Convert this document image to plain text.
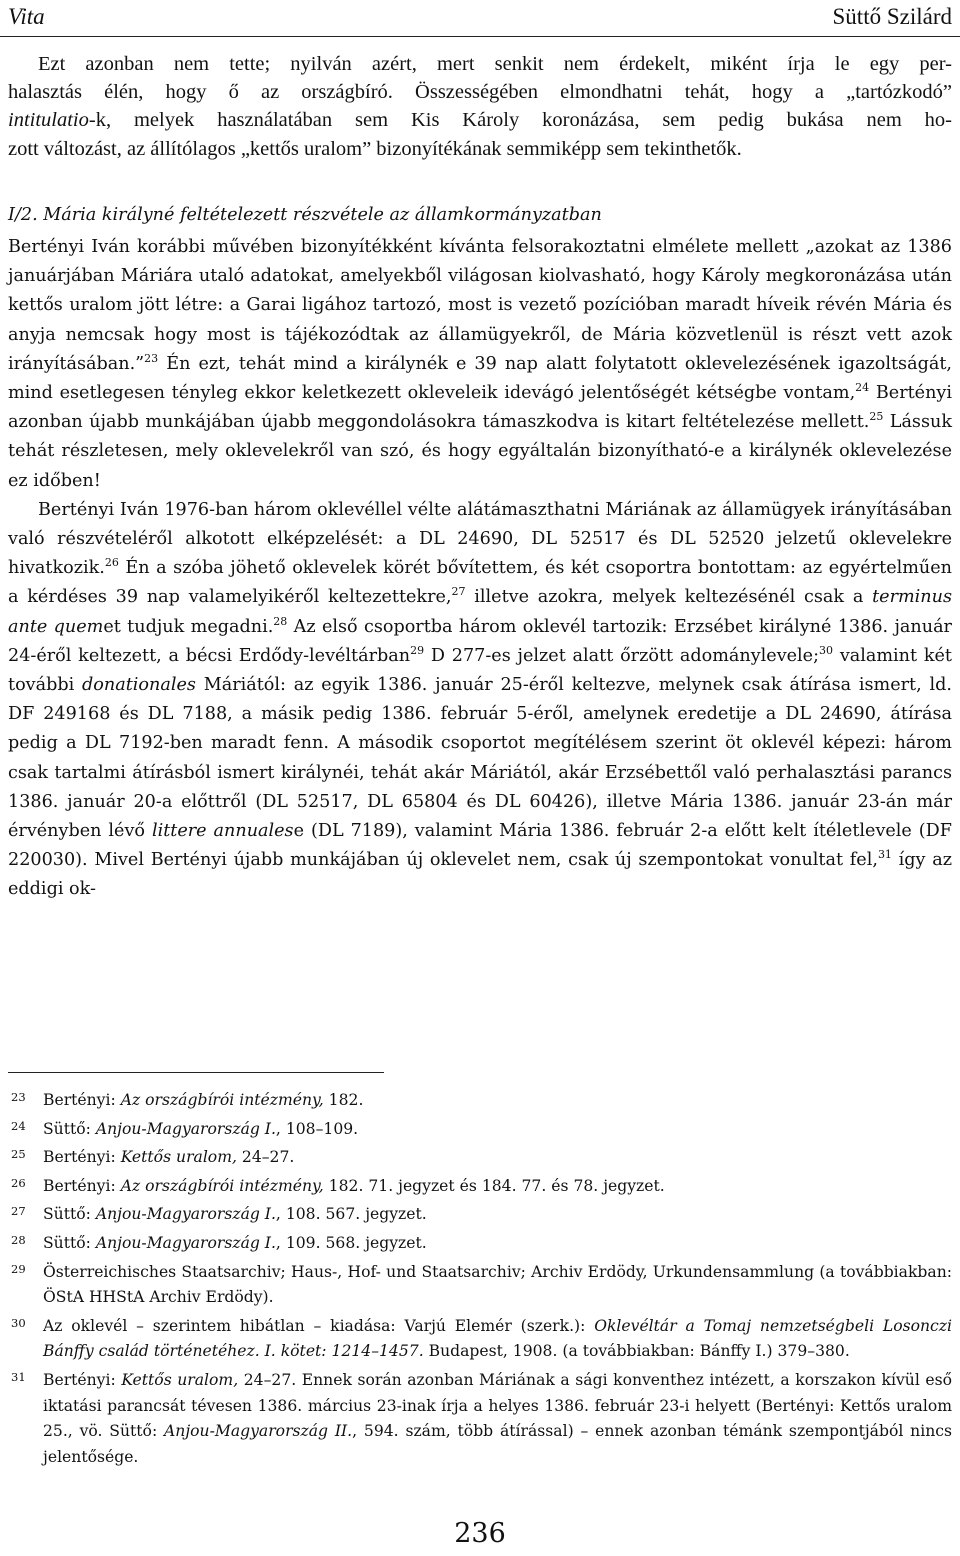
Vita	Süttő Szilárd

Ezt azonban nem tette; nyilván azért, mert senkit nem érdekelt, miként írja le egy per-

halasztás élén, hogy ő az országbíró. Összességében elmondhatni tehát, hogy a „tartózkodó”

intitulatio-k, melyek használatában sem Kis Károly koronázása, sem pedig bukása nem ho-

zott változást, az állítólagos „kettős uralom” bizonyítékának semmiképp sem tekinthetők.

I/2. Mária királyné feltételezett részvétele az államkormányzatban

Bertényi Iván korábbi művében bizonyítékként kívánta felsorakoztatni elmélete mellett „azokat az 1386 januárjában Máriára utaló adatokat, amelyekből világosan kiolvasható, hogy Károly megkoronázása után kettős uralom jött létre: a Garai ligához tartozó, most is vezető pozícióban maradt híveik révén Mária és anyja nemcsak hogy most is tájékozódtak az államügyekről, de Mária közvetlenül is részt vett azok irányításában.”$^{23}$ Én ezt, tehát mind a királynék e 39 nap alatt folytatott oklevelezésének igazoltságát, mind esetlegesen tényleg ekkor keletkezett okleveleik idevágó jelentőségét kétségbe vontam,$^{24}$ Bertényi azonban újabb munkájában újabb meggondolásokra támaszkodva is kitart feltételezése mellett.$^{25}$ Lássuk tehát részletesen, mely oklevelekről van szó, és hogy egyáltalán bizonyítható-e a királynék oklevelezése ez időben!

Bertényi Iván 1976-ban három oklevéllel vélte alátámaszthatni Máriának az államügyek irányításában való részvételéről alkotott elképzelését: a DL 24690, DL 52517 és DL 52520 jelzetű oklevelekre hivatkozik.$^{26}$ Én a szóba jöhető oklevelek körét bővítettem, és két csoportra bontottam: az egyértelműen a kérdéses 39 nap valamelyikéről keltezettekre,$^{27}$ illetve azokra, melyek keltezésénél csak a terminus ante quemet tudjuk megadni.$^{28}$ Az első csoportba három oklevél tartozik: Erzsébet királyné 1386. január 24-éről keltezett, a bécsi Erdődy-levéltárban$^{29}$ D 277-es jelzet alatt őrzött adománylevele;$^{30}$ valamint két további donationales Máriától: az egyik 1386. január 25-éről keltezve, melynek csak átírása ismert, ld. DF 249168 és DL 7188, a másik pedig 1386. február 5-éről, amelynek eredetije a DL 24690, átírása pedig a DL 7192-ben maradt fenn. A második csoportot megítélésem szerint öt oklevél képezi: három csak tartalmi átírásból ismert királynéi, tehát akár Máriától, akár Erzsébettől való perhalasztási parancs 1386. január 20-a előttről (DL 52517, DL 65804 és DL 60426), illetve Mária 1386. január 23-án már érvényben lévő littere annualese (DL 7189), valamint Mária 1386. február 2-a előtt kelt ítéletlevele (DF 220030). Mivel Bertényi újabb munkájában új oklevelet nem, csak új szempontokat vonultat fel,$^{31}$ így az eddigi ok-

23 Bertényi: Az országbírói intézmény, 182.
24 Süttő: Anjou-Magyarország I., 108–109.
25 Bertényi: Kettős uralom, 24–27.
26 Bertényi: Az országbírói intézmény, 182. 71. jegyzet és 184. 77. és 78. jegyzet.
27 Süttő: Anjou-Magyarország I., 108. 567. jegyzet.
28 Süttő: Anjou-Magyarország I., 109. 568. jegyzet.
29 Österreichisches Staatsarchiv; Haus-, Hof- und Staatsarchiv; Archiv Erdödy, Urkundensammlung (a továbbiakban: ÖStA HHStA Archiv Erdödy).
30 Az oklevél – szerintem hibátlan – kiadása: Varjú Elemér (szerk.): Oklevéltár a Tomaj nemzetségbeli Losonczi Bánffy család történetéhez. I. kötet: 1214–1457. Budapest, 1908. (a továbbiakban: Bánffy I.) 379–380.
31 Bertényi: Kettős uralom, 24–27. Ennek során azonban Máriának a sági konventhez intézett, a korszakon kívül eső iktatási parancsát tévesen 1386. március 23-inak írja a helyes 1386. február 23-i helyett (Bertényi: Kettős uralom 25., vö. Süttő: Anjou-Magyarország II., 594. szám, több átírással) – ennek azonban témánk szempontjából nincs jelentősége.
236
